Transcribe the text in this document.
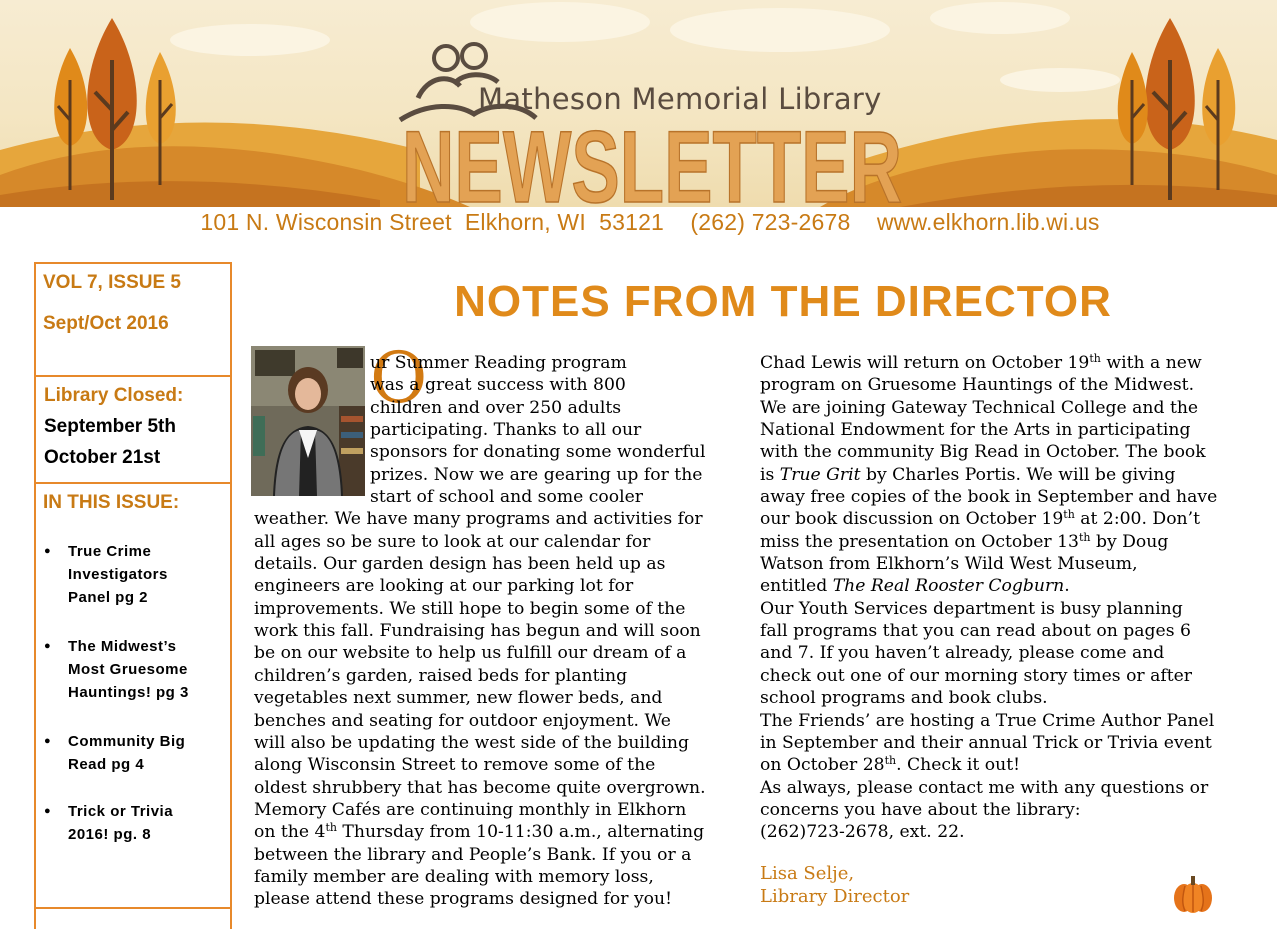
Matheson Memorial Library
NEWSLETTER
101 N. Wisconsin Street  Elkhorn, WI  53121    (262) 723-2678    www.elkhorn.lib.wi.us
VOL 7, ISSUE 5
Sept/Oct 2016
Library Closed:
September 5th
October 21st
IN THIS ISSUE:
● True Crime
Investigators
Panel pg 2
● The Midwest’s
Most Gruesome
Hauntings! pg 3
● Community Big
Read pg 4
● Trick or Trivia
2016! pg. 8
NOTES FROM THE DIRECTOR
O
ur Summer Reading program
was a great success with 800
children and over 250 adults
participating. Thanks to all our
sponsors for donating some wonderful
prizes. Now we are gearing up for the
start of school and some cooler
weather. We have many programs and activities for
all ages so be sure to look at our calendar for
details. Our garden design has been held up as
engineers are looking at our parking lot for
improvements. We still hope to begin some of the
work this fall. Fundraising has begun and will soon
be on our website to help us fulfill our dream of a
children’s garden, raised beds for planting
vegetables next summer, new flower beds, and
benches and seating for outdoor enjoyment. We
will also be updating the west side of the building
along Wisconsin Street to remove some of the
oldest shrubbery that has become quite overgrown.
Memory Cafés are continuing monthly in Elkhorn
on the 4th Thursday from 10-11:30 a.m., alternating
between the library and People’s Bank. If you or a
family member are dealing with memory loss,
please attend these programs designed for you!
Chad Lewis will return on October 19th with a new
program on Gruesome Hauntings of the Midwest.
We are joining Gateway Technical College and the
National Endowment for the Arts in participating
with the community Big Read in October. The book
is True Grit by Charles Portis. We will be giving
away free copies of the book in September and have
our book discussion on October 19th at 2:00. Don’t
miss the presentation on October 13th by Doug
Watson from Elkhorn’s Wild West Museum,
entitled The Real Rooster Cogburn.
Our Youth Services department is busy planning
fall programs that you can read about on pages 6
and 7. If you haven’t already, please come and
check out one of our morning story times or after
school programs and book clubs.
The Friends’ are hosting a True Crime Author Panel
in September and their annual Trick or Trivia event
on October 28th. Check it out!
As always, please contact me with any questions or
concerns you have about the library:
(262)723-2678, ext. 22.
Lisa Selje,
Library Director
